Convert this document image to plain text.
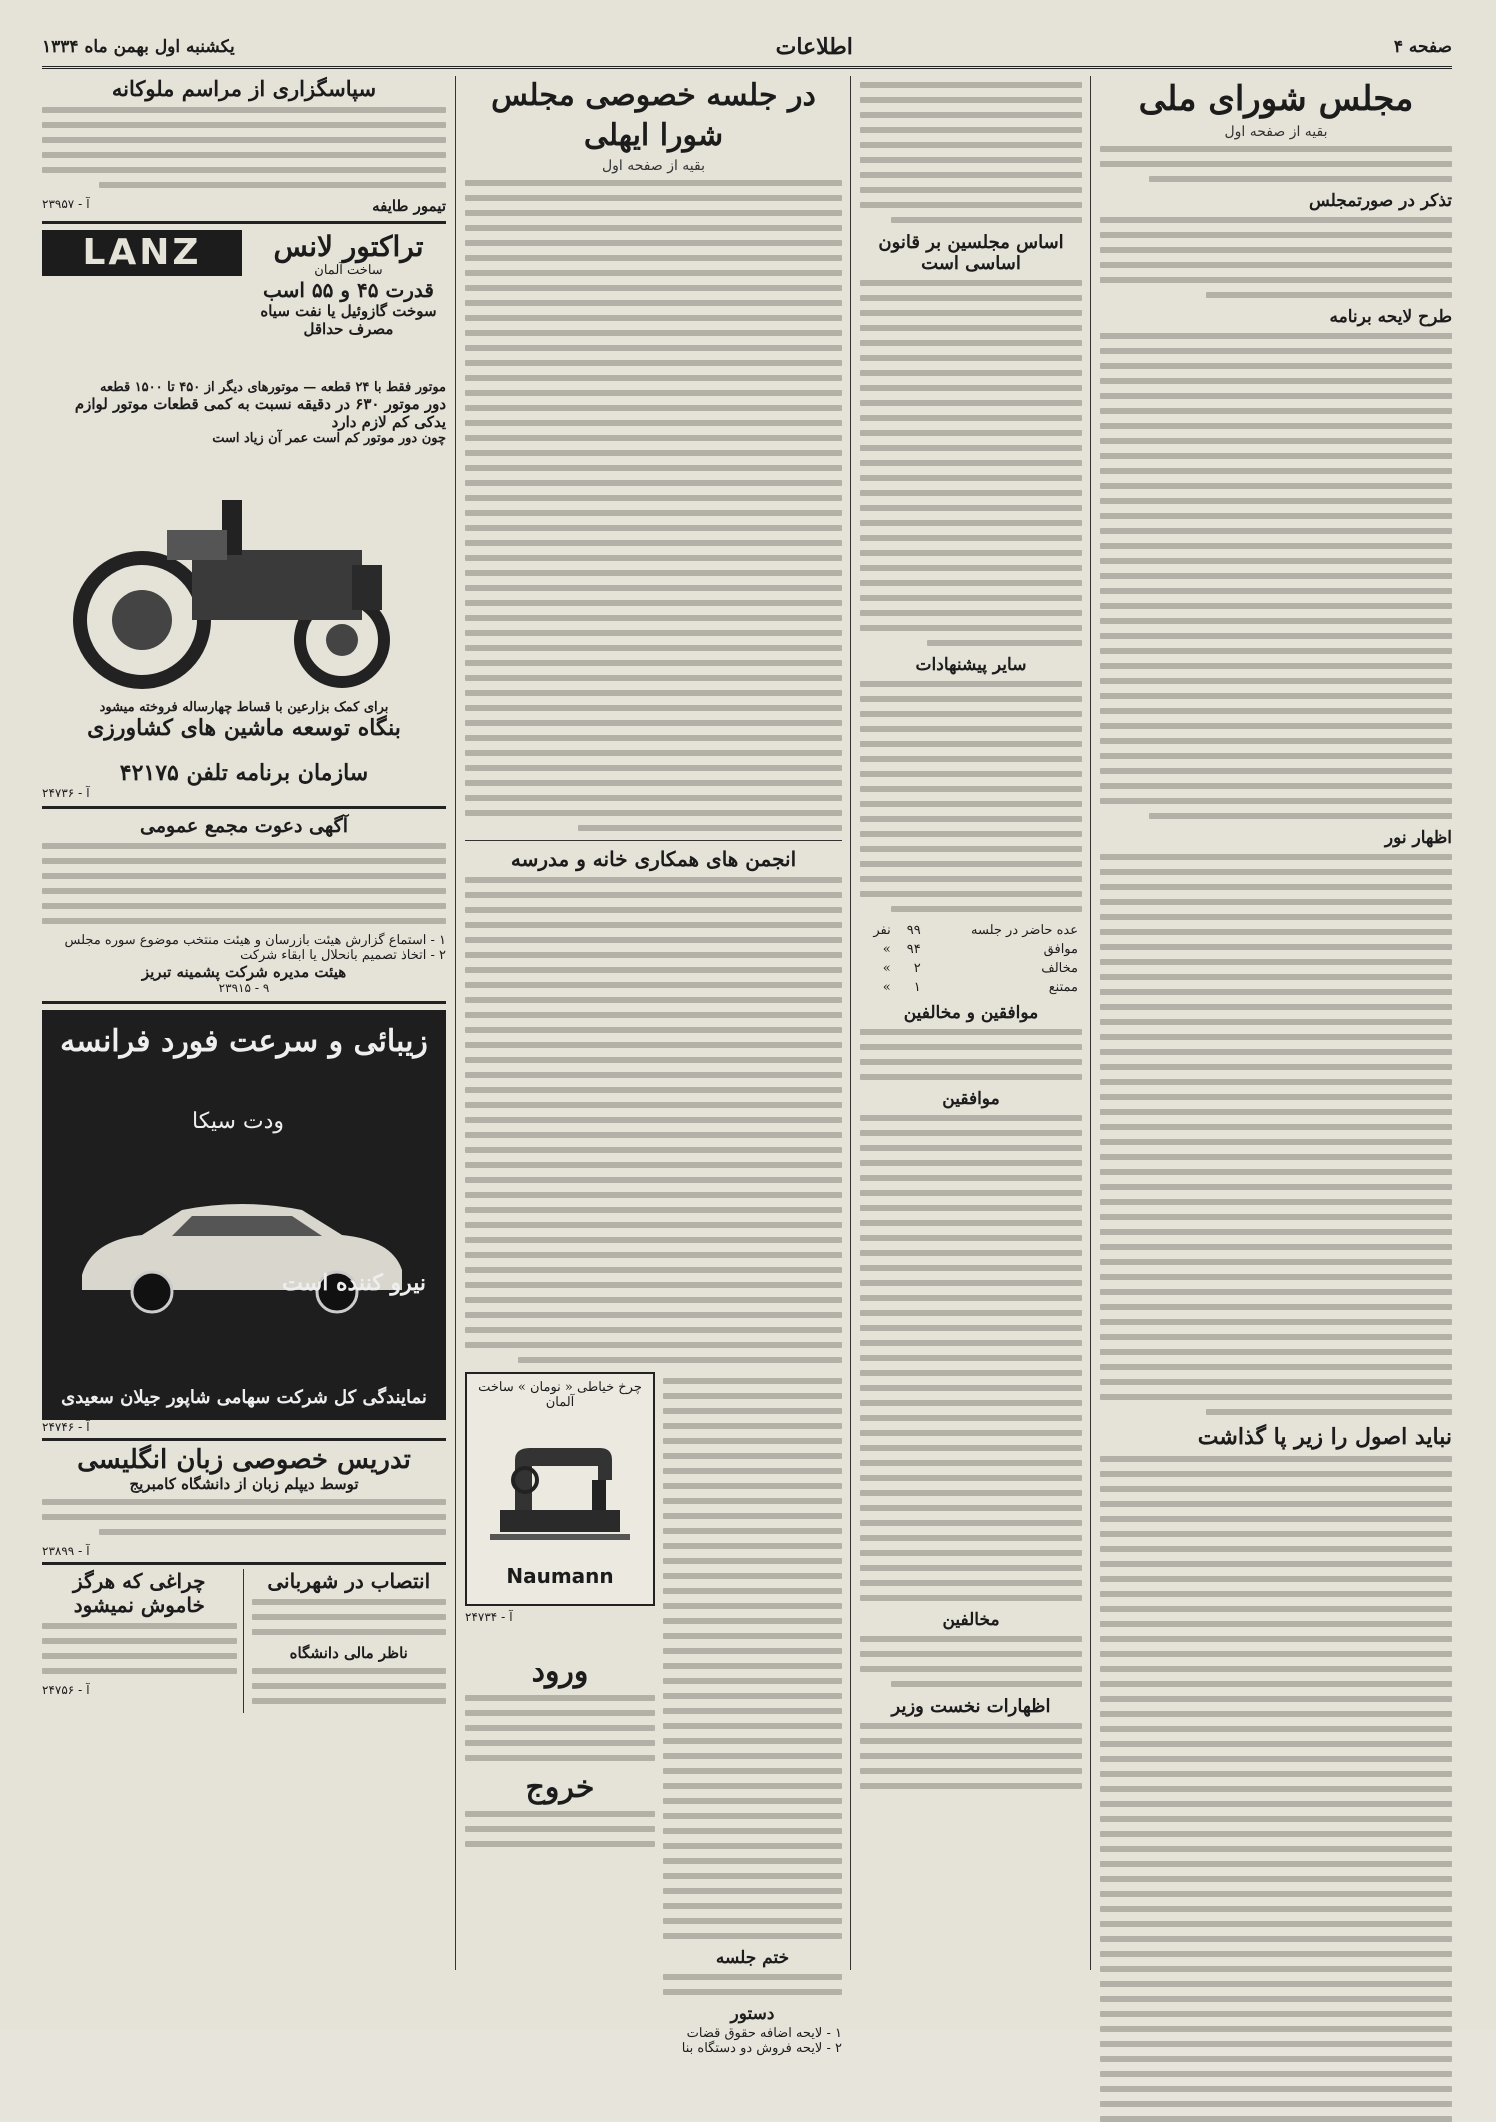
صفحه ۴
اطلاعات
یکشنبه اول بهمن ماه ۱۳۳۴
مجلس شورای ملی
بقیه از صفحه اول
تذکر در صورتمجلس
طرح لایحه برنامه
اظهار نور
نباید اصول را زیر پا گذاشت
اساس مجلسین بر قانون اساسی است
سایر پیشنهادات
عده حاضر در جلسه	۹۹	نفر
موافق	۹۴	»
مخالف	۲	»
ممتنع	۱	»
موافقین و مخالفین
موافقین
مخالفین
اظهارات نخست وزیر
در جلسه خصوصی مجلس شورا ایهلی
بقیه از صفحه اول
انجمن های همکاری خانه و مدرسه
ختم جلسه
دستور
۱ - لایحه اضافه حقوق قضات
۲ - لایحه فروش دو دستگاه بنا
چرخ خیاطی « نومان » ساخت آلمان
Naumann
آ - ۲۴۷۳۴
ورود
خروج
سپاسگزاری از مراسم ملوکانه
تیمور طایفه
آ - ۲۳۹۵۷
LANZ	تراکتور لانس
ساخت آلمان
قدرت ۴۵ و ۵۵ اسب
سوخت گازوئیل یا نفت سیاه
مصرف حداقل
موتور فقط با ۲۴ قطعه — موتورهای دیگر از ۴۵۰ تا ۱۵۰۰ قطعه
دور موتور ۶۳۰ در دقیقه نسبت به کمی قطعات موتور لوازم یدکی کم لازم دارد
چون دور موتور کم است عمر آن زیاد است
برای کمک بزارعین با قساط چهارساله فروخته میشود
بنگاه توسعه ماشین های کشاورزی
سازمان برنامه تلفن ۴۲۱۷۵
آ - ۲۴۷۳۶
آگهی دعوت مجمع عمومی
۱ - استماع گزارش هیئت بازرسان و هیئت منتخب موضوع سوره مجلس
۲ - اتخاذ تصمیم بانحلال یا ابقاء شرکت
هیئت مدیره شرکت پشمینه تبریز
۹ - ۲۳۹۱۵
زیبائی و سرعت فورد فرانسه
ودت سیکا
نیرو کننده است
نمایندگی کل شرکت سهامی شاپور جیلان سعیدی
آ - ۲۴۷۴۶
تدریس خصوصی زبان انگلیسی
توسط دیپلم زبان از دانشگاه کامبریج
آ - ۲۳۸۹۹
انتصاب در شهربانی
ناظر مالی دانشگاه
چراغی که هرگز خاموش نمیشود
آ - ۲۴۷۵۶
